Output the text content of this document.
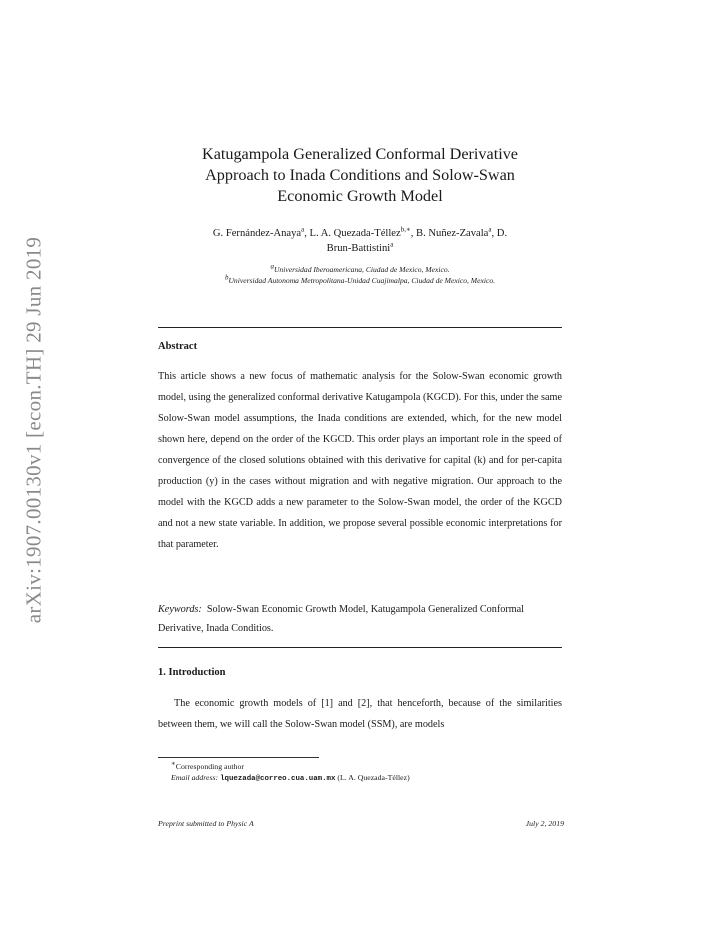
arXiv:1907.00130v1 [econ.TH] 29 Jun 2019
Katugampola Generalized Conformal Derivative
Approach to Inada Conditions and Solow-Swan
Economic Growth Model
G. Fernández-Anaya$^a$, L. A. Quezada-Téllez$^{b,∗}$, B. Nuñez-Zavala$^a$, D.
Brun-Battistini$^a$
$^a$Universidad Iberoamericana, Ciudad de Mexico, Mexico.
$^b$Universidad Autonoma Metropolitana-Unidad Cuajimalpa, Ciudad de Mexico, Mexico.
Abstract
This article shows a new focus of mathematic analysis for the Solow-Swan economic growth model, using the generalized conformal derivative Katugampola (KGCD). For this, under the same Solow-Swan model assumptions, the Inada conditions are extended, which, for the new model shown here, depend on the order of the KGCD. This order plays an important role in the speed of convergence of the closed solutions obtained with this derivative for capital (k) and for per-capita production (y) in the cases without migration and with negative migration. Our approach to the model with the KGCD adds a new parameter to the Solow-Swan model, the order of the KGCD and not a new state variable. In addition, we propose several possible economic interpretations for that parameter.
Keywords: Solow-Swan Economic Growth Model, Katugampola Generalized Conformal Derivative, Inada Conditios.
1. Introduction
The economic growth models of [1] and [2], that henceforth, because of the similarities between them, we will call the Solow-Swan model (SSM), are models
∗Corresponding author
Email address: lquezada@correo.cua.uam.mx (L. A. Quezada-Téllez)
Preprint submitted to Physic A	July 2, 2019
